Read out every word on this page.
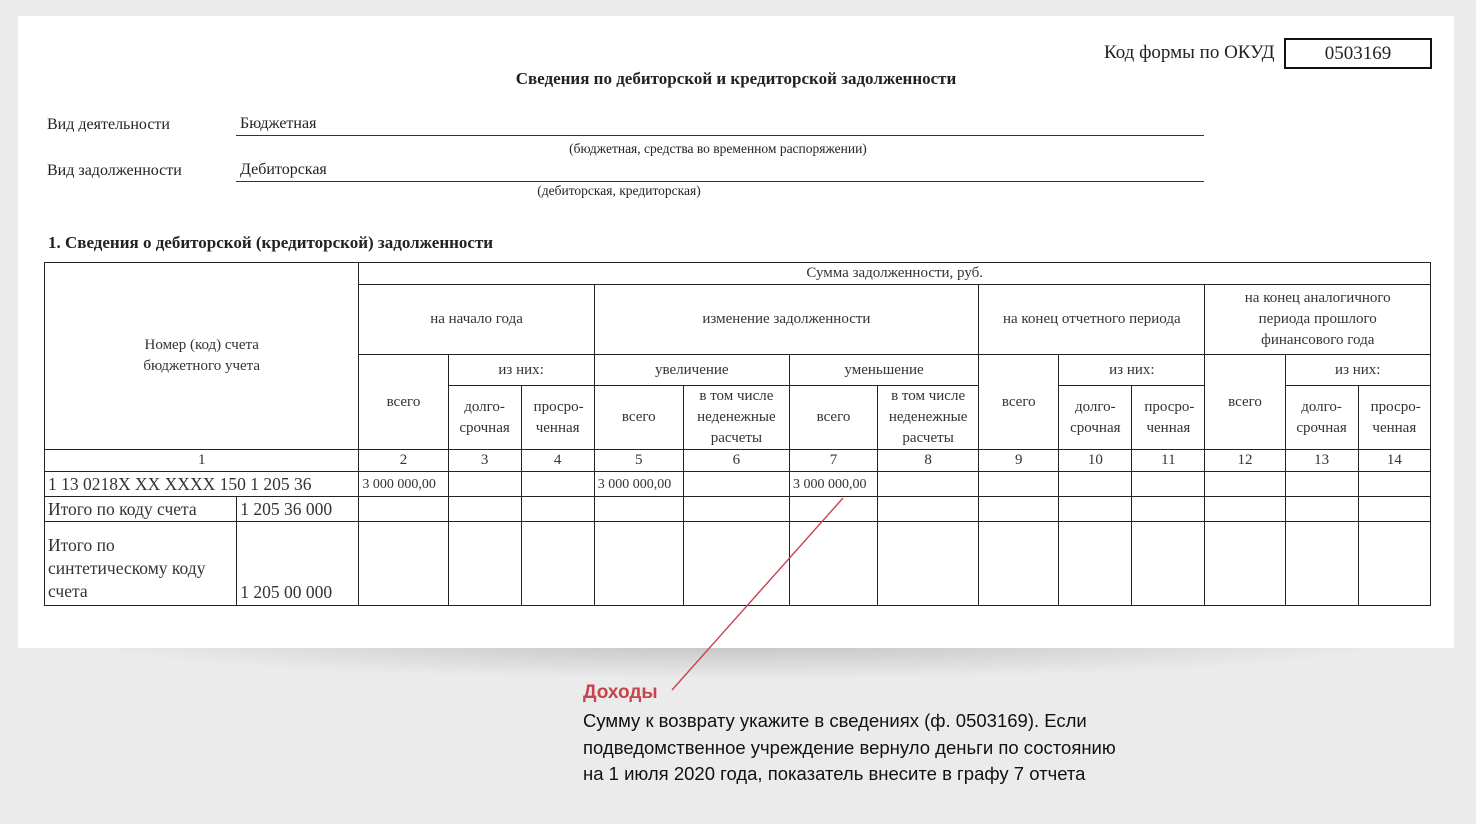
Код формы по ОКУД	0503169
Сведения по дебиторской и кредиторской задолженности
Вид деятельности	Бюджетная
(бюджетная, средства во временном распоряжении)
Вид задолженности	Дебиторская
(дебиторская, кредиторская)
1. Сведения о дебиторской (кредиторской) задолженности
Номер (код) счета бюджетного учета		Сумма задолженности, руб.												
		на начало года			изменение задолженности				на конец отчетного периода			на конец аналогичного периода прошлого финансового года		

		всего	из них:		увеличение		уменьшение		всего	из них:		всего	из них:	

			долго-срочная	просро-ченная	всего	в том числе неденежные расчеты	всего	в том числе неденежные расчеты		долго-срочная	просро-ченная		долго-срочная	просро-ченная

1		2	3	4	5	6	7	8	9	10	11	12	13	14
1 13 0218X XX XXXX 150 1 205 36		3 000 000,00			3 000 000,00		3 000 000,00							
Итого по коду счета	1 205 36 000													

Итого по синтетическому коду счета	1 205 00 000													
Доходы
Сумму к возврату укажите в сведениях (ф. 0503169). Если подведомственное учреждение вернуло деньги по состоянию на 1 июля 2020 года, показатель внесите в графу 7 отчета
